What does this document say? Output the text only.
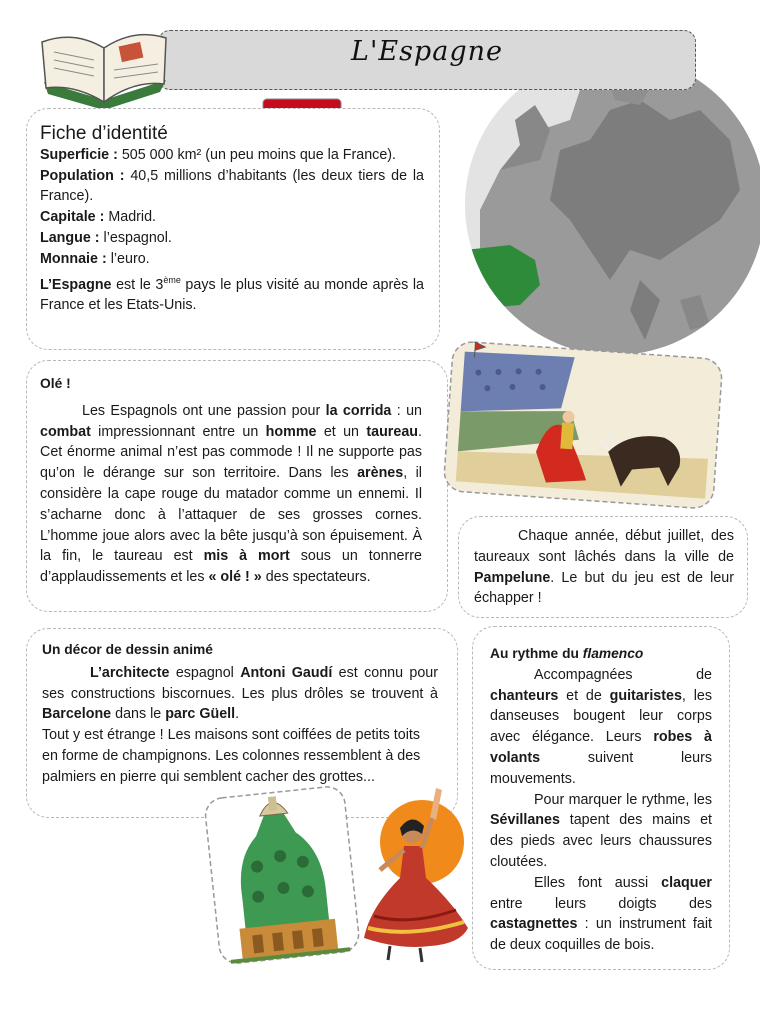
L'Espagne
Fiche d’identité
Superficie : 505 000 km² (un peu moins que la France).
Population : 40,5 millions d’habitants (les deux tiers de la France).
Capitale : Madrid.
Langue : l’espagnol.
Monnaie : l’euro.
L’Espagne est le 3ème pays le plus visité au monde après la France et les Etats-Unis.
Olé !
Les Espagnols ont une passion pour la corrida : un combat impressionnant entre un homme et un taureau. Cet énorme animal n’est pas commode ! Il ne supporte pas qu’on le dérange sur son territoire. Dans les arènes, il considère la cape rouge du matador comme un ennemi. Il s’acharne donc à l’attaquer de ses grosses cornes. L’homme joue alors avec la bête jusqu’à son épuisement. À la fin, le taureau est mis à mort sous un tonnerre d’applaudissements et les « olé ! » des spectateurs.
Chaque année, début juillet, des taureaux sont lâchés dans la ville de Pampelune. Le but du jeu est de leur échapper !
Un décor de dessin animé
L’architecte espagnol Antoni Gaudí est connu pour ses constructions biscornues. Les plus drôles se trouvent à Barcelone dans le parc Güell.
Tout y est étrange ! Les maisons sont coiffées de petits toits en forme de champignons. Les colonnes ressemblent à des palmiers en pierre qui semblent cacher des grottes...
Au rythme du flamenco
Accompagnées de chanteurs et de guitaristes, les danseuses bougent leur corps avec élégance. Leurs robes à volants suivent leurs mouvements.
Pour marquer le rythme, les Sévillanes tapent des mains et des pieds avec leurs chaussures cloutées.
Elles font aussi claquer entre leurs doigts des castagnettes : un instrument fait de deux coquilles de bois.
